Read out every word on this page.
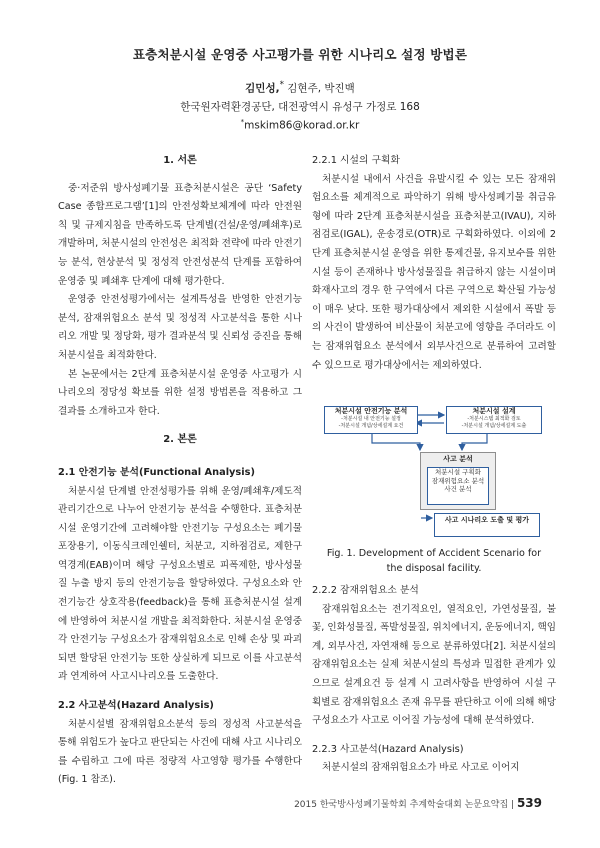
표층처분시설 운영중 사고평가를 위한 시나리오 설정 방법론
김민성,* 김현주, 박진백
한국원자력환경공단, 대전광역시 유성구 가정로 168
*mskim86@korad.or.kr
1. 서론

중·저준위 방사성폐기물 표층처분시설은 공단 ‘Safety Case 종합프로그램’[1]의 안전성확보체계에 따라 안전원칙 및 규제지침을 만족하도록 단계별(건설/운영/폐쇄후)로 개발하며, 처분시설의 안전성은 최적화 전략에 따라 안전기능 분석, 현상분석 및 정성적 안전성분석 단계를 포함하여 운영중 및 폐쇄후 단계에 대해 평가한다.

운영중 안전성평가에서는 설계특성을 반영한 안전기능 분석, 잠재위험요소 분석 및 정성적 사고분석을 통한 시나리오 개발 및 정당화, 평가 결과분석 및 신뢰성 증진을 통해 처분시설을 최적화한다.

본 논문에서는 2단계 표층처분시설 운영중 사고평가 시나리오의 정당성 확보를 위한 설정 방법론을 적용하고 그 결과를 소개하고자 한다.

2. 본론
2.1 안전기능 분석(Functional Analysis)

처분시설 단계별 안전성평가를 위해 운영/폐쇄후/제도적관리기간으로 나누어 안전기능 분석을 수행한다. 표층처분시설 운영기간에 고려해야할 안전기능 구성요소는 폐기물포장용기, 이동식크레인쉘터, 처분고, 지하점검로, 제한구역경계(EAB)이며 해당 구성요소별로 피폭제한, 방사성물질 누출 방지 등의 안전기능을 할당하였다. 구성요소와 안전기능간 상호작용(feedback)을 통해 표층처분시설 설계에 반영하여 처분시설 개발을 최적화한다. 처분시설 운영중 각 안전기능 구성요소가 잠재위험요소로 인해 손상 및 파괴되면 할당된 안전기능 또한 상실하게 되므로 이를 사고분석과 연계하여 사고시나리오를 도출한다.

2.2 사고분석(Hazard Analysis)

처분시설별 잠재위험요소분석 등의 정성적 사고분석을 통해 위험도가 높다고 판단되는 사건에 대해 사고 시나리오를 수립하고 그에 따른 정량적 사고영향 평가를 수행한다(Fig. 1 참조).

2.2.1 시설의 구획화

처분시설 내에서 사건을 유발시킬 수 있는 모든 잠재위험요소를 체계적으로 파악하기 위해 방사성폐기물 취급유형에 따라 2단계 표층처분시설을 표층처분고(IVAU), 지하점검로(IGAL), 운송경로(OTR)로 구획화하였다. 이외에 2단계 표층처분시설 운영을 위한 통제건물, 유지보수를 위한 시설 등이 존재하나 방사성물질을 취급하지 않는 시설이며 화재사고의 경우 한 구역에서 다른 구역으로 확산될 가능성이 매우 낮다. 또한 평가대상에서 제외한 시설에서 폭발 등의 사건이 발생하여 비산물이 처분고에 영향을 주더라도 이는 잠재위험요소 분석에서 외부사건으로 분류하여 고려할 수 있으므로 평가대상에서는 제외하였다.

처분시설 안전기능 분석
-처분시설 내 안전기능 설정
-처분시설 개념/상세설계 요건
처분시설 설계
-처분시스템 최적화 검토
-처분시설 개념/상세설계 도출
사고 분석
처분시설 구획화
잠재위험요소 분석
사건 분석
사고 시나리오 도출 및 평가
Fig. 1. Development of Accident Scenario for
the disposal facility.
2.2.2 잠재위험요소 분석

잠재위험요소는 전기적요인, 열적요인, 가연성물질, 불꽃, 인화성물질, 폭발성물질, 위치에너지, 운동에너지, 핵임계, 외부사건, 자연재해 등으로 분류하였다[2]. 처분시설의 잠재위험요소는 실제 처분시설의 특성과 밀접한 관계가 있으므로 설계요건 등 설계 시 고려사항을 반영하여 시설 구획별로 잠재위험요소 존재 유무를 판단하고 이에 의해 해당 구성요소가 사고로 이어질 가능성에 대해 분석하였다.

2.2.3 사고분석(Hazard Analysis)

처분시설의 잠재위험요소가 바로 사고로 이어지

2015 한국방사성폐기물학회 추계학술대회 논문요약집 | 539
